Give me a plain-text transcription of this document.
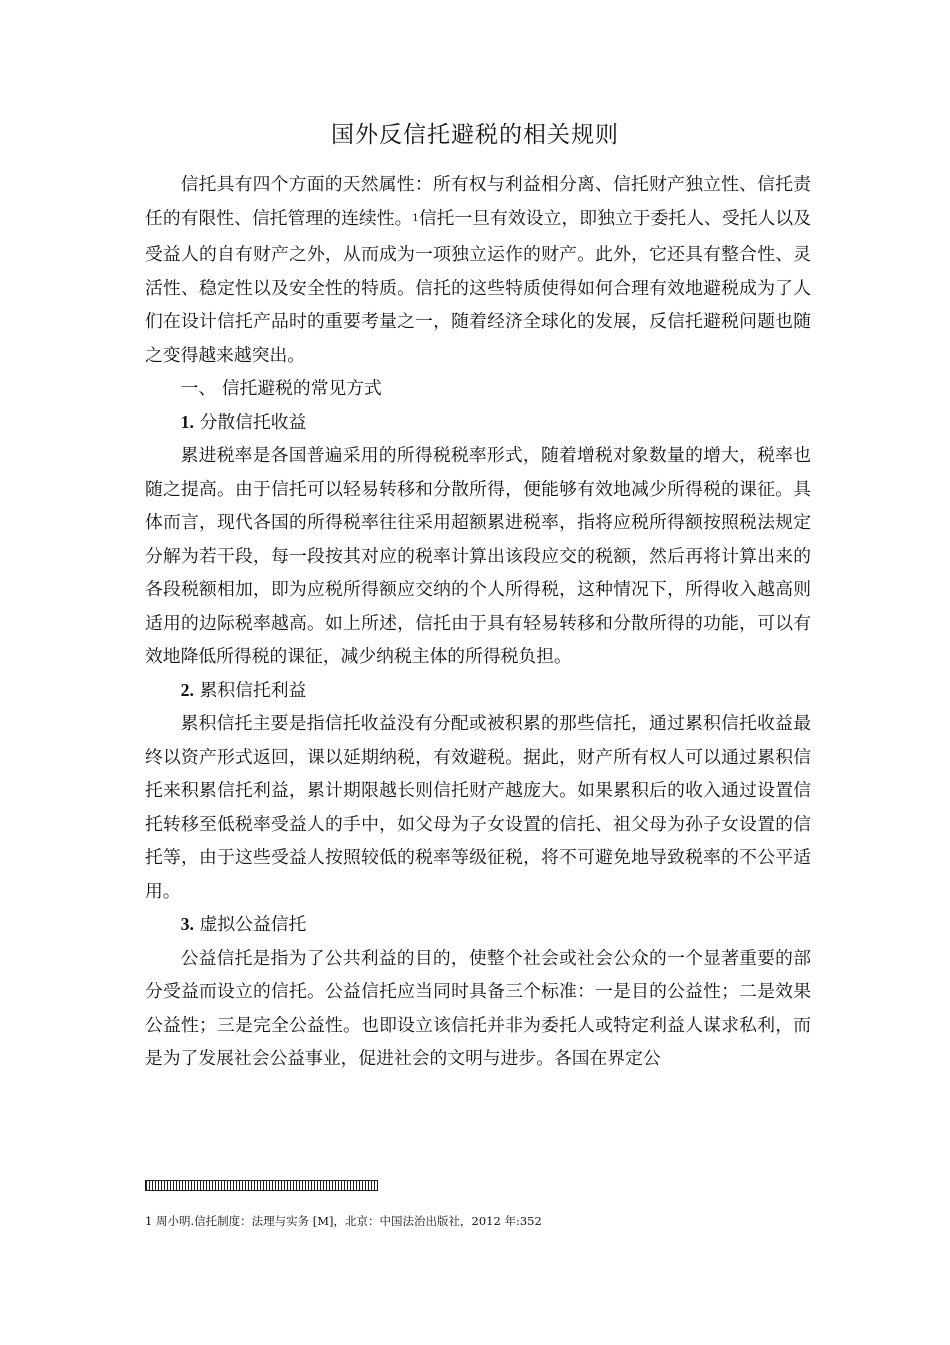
国外反信托避税的相关规则

信托具有四个方面的天然属性：所有权与利益相分离、信托财产独立性、信托责任的有限性、信托管理的连续性。1信托一旦有效设立，即独立于委托人、受托人以及受益人的自有财产之外，从而成为一项独立运作的财产。此外，它还具有整合性、灵活性、稳定性以及安全性的特质。信托的这些特质使得如何合理有效地避税成为了人们在设计信托产品时的重要考量之一，随着经济全球化的发展，反信托避税问题也随之变得越来越突出。

一、 信托避税的常见方式

1. 分散信托收益

累进税率是各国普遍采用的所得税税率形式，随着增税对象数量的增大，税率也随之提高。由于信托可以轻易转移和分散所得，便能够有效地减少所得税的课征。具体而言，现代各国的所得税率往往采用超额累进税率，指将应税所得额按照税法规定分解为若干段，每一段按其对应的税率计算出该段应交的税额，然后再将计算出来的各段税额相加，即为应税所得额应交纳的个人所得税，这种情况下，所得收入越高则适用的边际税率越高。如上所述，信托由于具有轻易转移和分散所得的功能，可以有效地降低所得税的课征，减少纳税主体的所得税负担。

2. 累积信托利益

累积信托主要是指信托收益没有分配或被积累的那些信托，通过累积信托收益最终以资产形式返回，课以延期纳税，有效避税。据此，财产所有权人可以通过累积信托来积累信托利益，累计期限越长则信托财产越庞大。如果累积后的收入通过设置信托转移至低税率受益人的手中，如父母为子女设置的信托、祖父母为孙子女设置的信托等，由于这些受益人按照较低的税率等级征税，将不可避免地导致税率的不公平适用。

3. 虚拟公益信托

公益信托是指为了公共利益的目的，使整个社会或社会公众的一个显著重要的部分受益而设立的信托。公益信托应当同时具备三个标准：一是目的公益性；二是效果公益性；三是完全公益性。也即设立该信托并非为委托人或特定利益人谋求私利，而是为了发展社会公益事业，促进社会的文明与进步。各国在界定公

1 周小明.信托制度：法理与实务 [M]，北京：中国法治出版社，2012 年:352
